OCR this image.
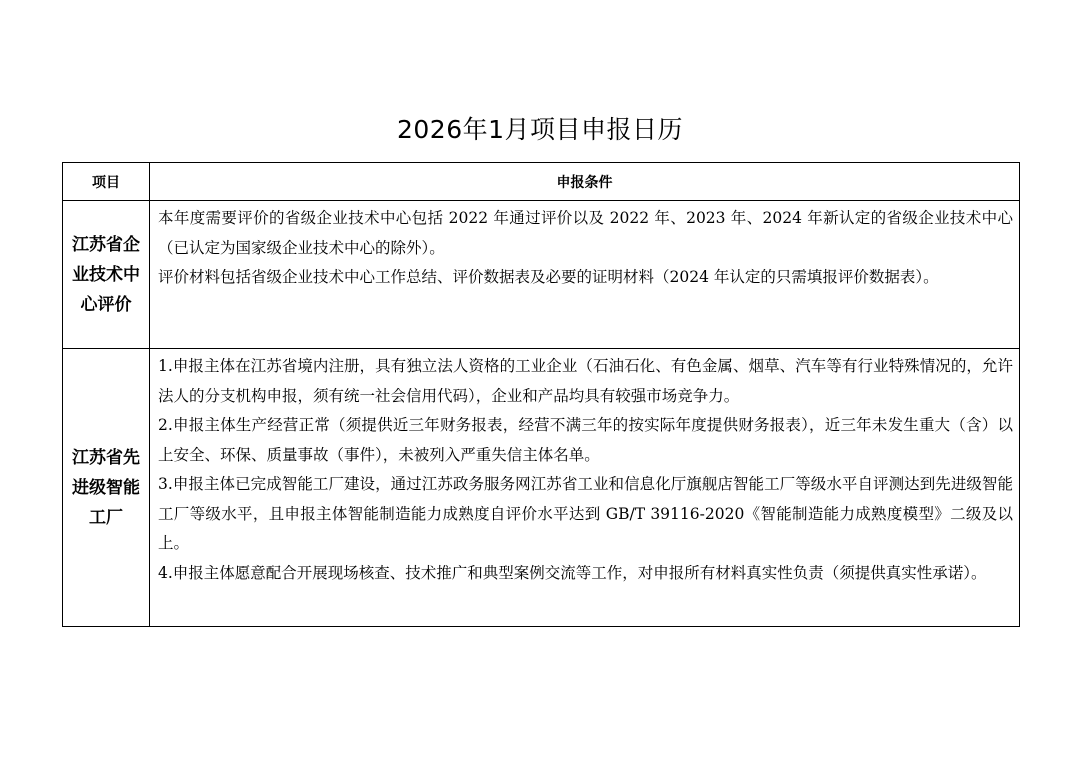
2026年1月项目申报日历
项目	申报条件
江苏省企业技术中心评价	本年度需要评价的省级企业技术中心包括 2022 年通过评价以及 2022 年、2023 年、2024 年新认定的省级企业技术中心（已认定为国家级企业技术中心的除外）。

评价材料包括省级企业技术中心工作总结、评价数据表及必要的证明材料（2024 年认定的只需填报评价数据表）。

江苏省先进级智能工厂	1.申报主体在江苏省境内注册，具有独立法人资格的工业企业（石油石化、有色金属、烟草、汽车等有行业特殊情况的，允许法人的分支机构申报，须有统一社会信用代码），企业和产品均具有较强市场竞争力。

2.申报主体生产经营正常（须提供近三年财务报表，经营不满三年的按实际年度提供财务报表），近三年未发生重大（含）以上安全、环保、质量事故（事件），未被列入严重失信主体名单。

3.申报主体已完成智能工厂建设，通过江苏政务服务网江苏省工业和信息化厅旗舰店智能工厂等级水平自评测达到先进级智能工厂等级水平，且申报主体智能制造能力成熟度自评价水平达到 GB/T 39116-2020《智能制造能力成熟度模型》二级及以上。

4.申报主体愿意配合开展现场核查、技术推广和典型案例交流等工作，对申报所有材料真实性负责（须提供真实性承诺）。
